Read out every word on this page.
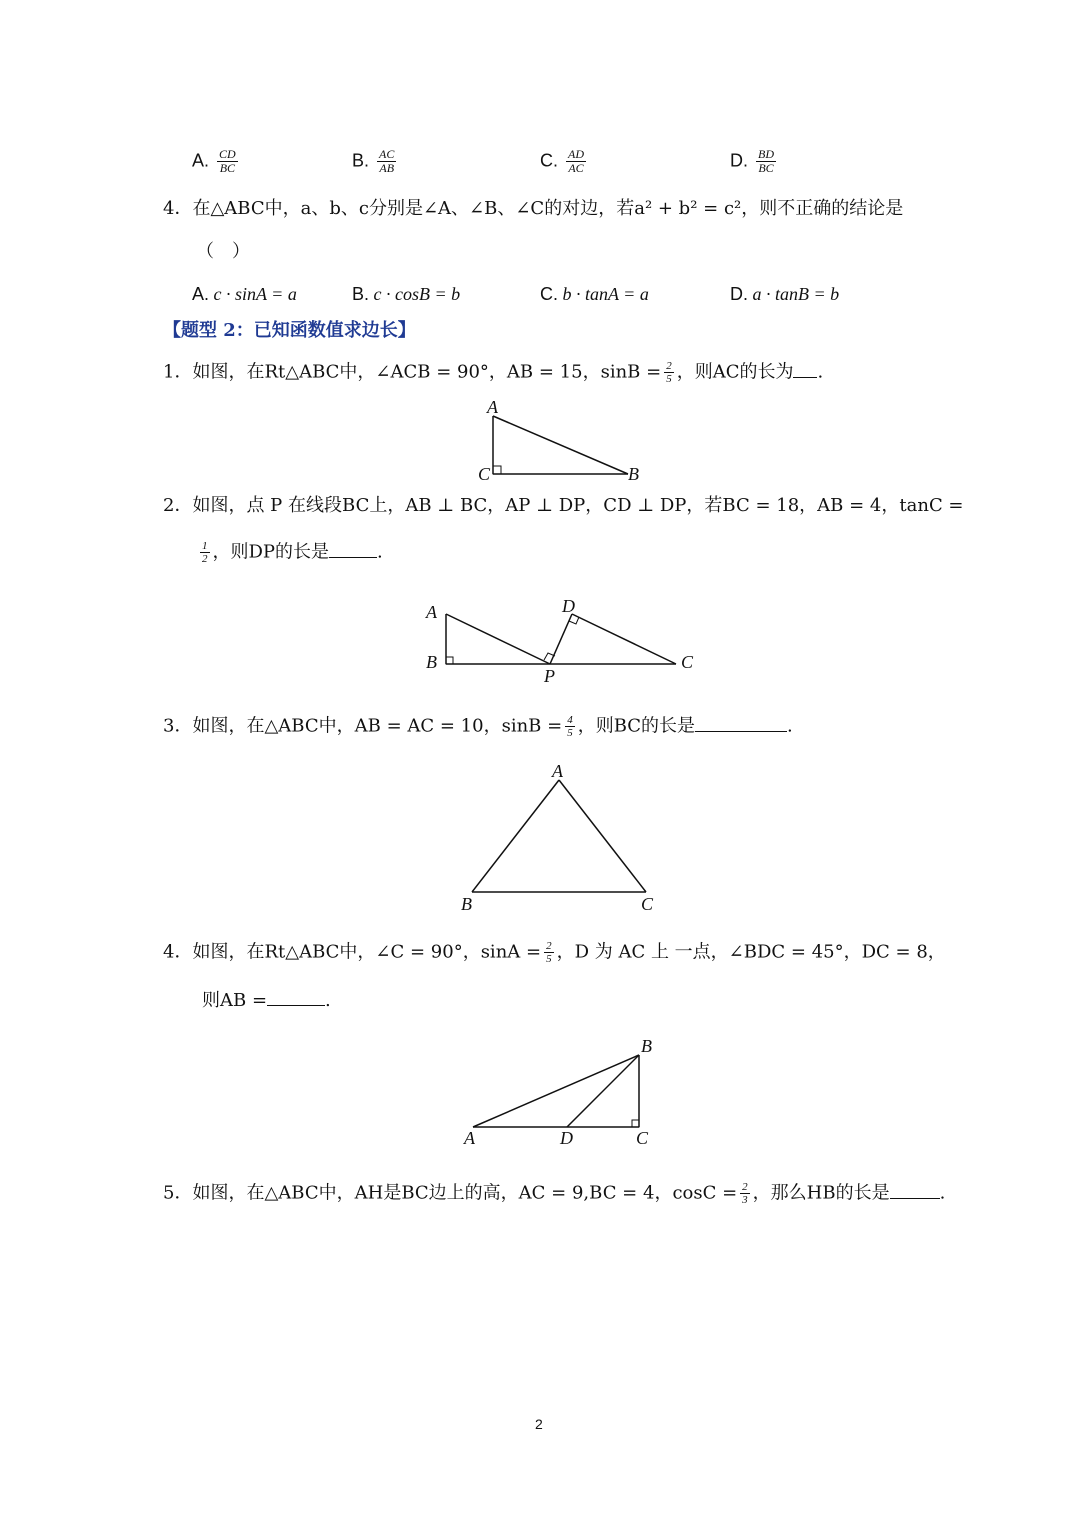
A. $\frac{CD}{BC}$	B. $\frac{AC}{AB}$	C. $\frac{AD}{AC}$	D. $\frac{BD}{BC}$
4．在△ABC中，a、b、c分别是∠A、∠B、∠C的对边，若a² + b² = c²，则不正确的结论是
（　）
A. c · sinA = a	B. c · cosB = b	C. b · tanA = a	D. a · tanB = b
【题型 2：已知函数值求边长】
1．如图，在Rt△ABC中，∠ACB = 90°，AB = 15，$\sin B = \frac{2}{5}$ ，则AC的长为 .
A
C	B
2．如图，点 P 在线段BC上，AB ⊥ BC，AP ⊥ DP，CD ⊥ DP，若BC = 18，AB = 4，tanC =
$\frac{1}{2}$ ，则DP的长是	.
A
B
P
D
C
3．如图，在△ABC中，AB = AC = 10，$\sin B = \frac{4}{5}$ ，则BC的长是	.
A
B	C
4．如图，在Rt△ABC中，∠C = 90°，$\sin A = \frac{2}{5}$ ，D 为 AC 上 一点，∠BDC = 45°，DC = 8，
则AB =	.
A	D	C
B
5．如图，在△ABC中，AH是BC边上的高，AC = 9,BC = 4，$\cos C = \frac{2}{3}$ ，那么HB的长是	.
2
